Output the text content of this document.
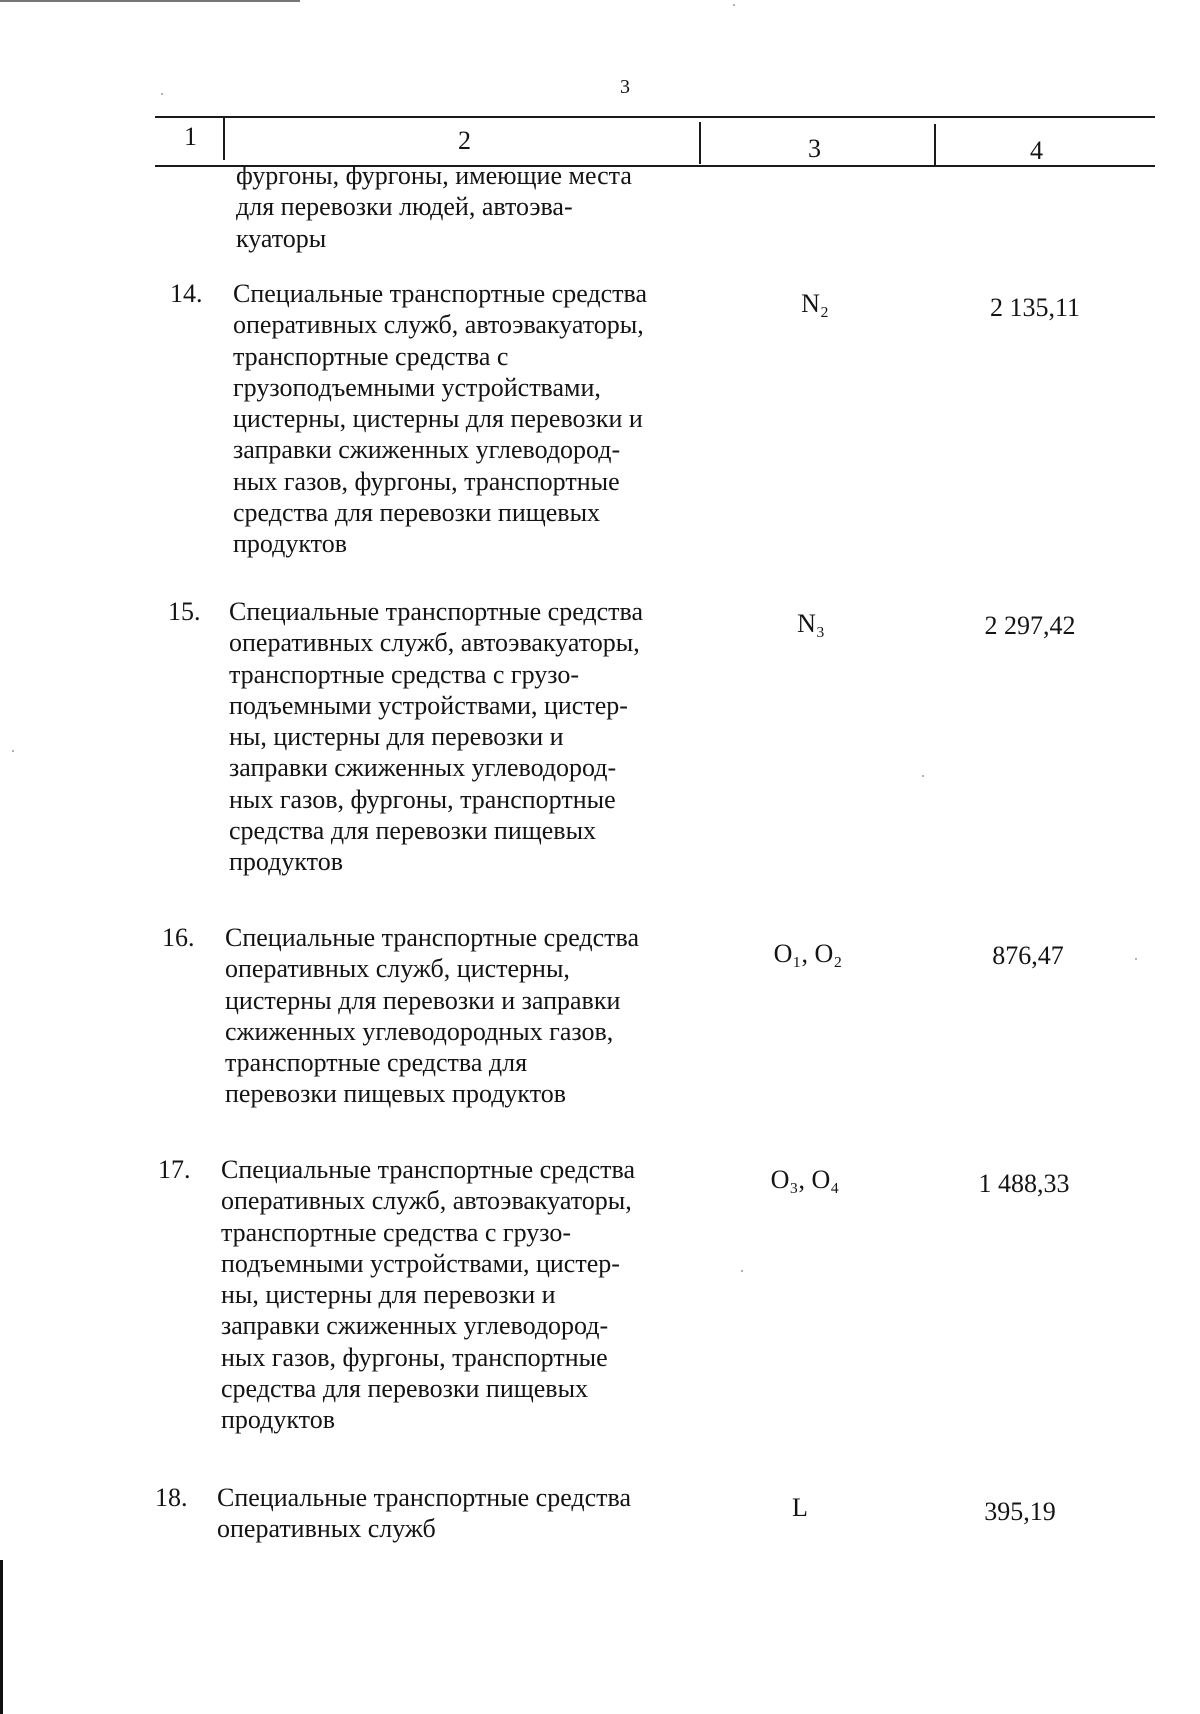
3
1	2	3	4
фургоны, фургоны, имеющие места
для перевозки людей, автоэва-
куаторы
14. Специальные транспортные средства
оперативных служб, автоэвакуаторы,
транспортные средства с
грузоподъемными устройствами,
цистерны, цистерны для перевозки и
заправки сжиженных углеводород-
ных газов, фургоны, транспортные
средства для перевозки пищевых
продуктов
N₂	2 135,11
15. Специальные транспортные средства
оперативных служб, автоэвакуаторы,
транспортные средства с грузо-
подъемными устройствами, цистер-
ны, цистерны для перевозки и
заправки сжиженных углеводород-
ных газов, фургоны, транспортные
средства для перевозки пищевых
продуктов
N₃	2 297,42
16. Специальные транспортные средства
оперативных служб, цистерны,
цистерны для перевозки и заправки
сжиженных углеводородных газов,
транспортные средства для
перевозки пищевых продуктов
O₁, O₂	876,47
17. Специальные транспортные средства
оперативных служб, автоэвакуаторы,
транспортные средства с грузо-
подъемными устройствами, цистер-
ны, цистерны для перевозки и
заправки сжиженных углеводород-
ных газов, фургоны, транспортные
средства для перевозки пищевых
продуктов
O₃, O₄	1 488,33
18. Специальные транспортные средства
оперативных служб
L	395,19
